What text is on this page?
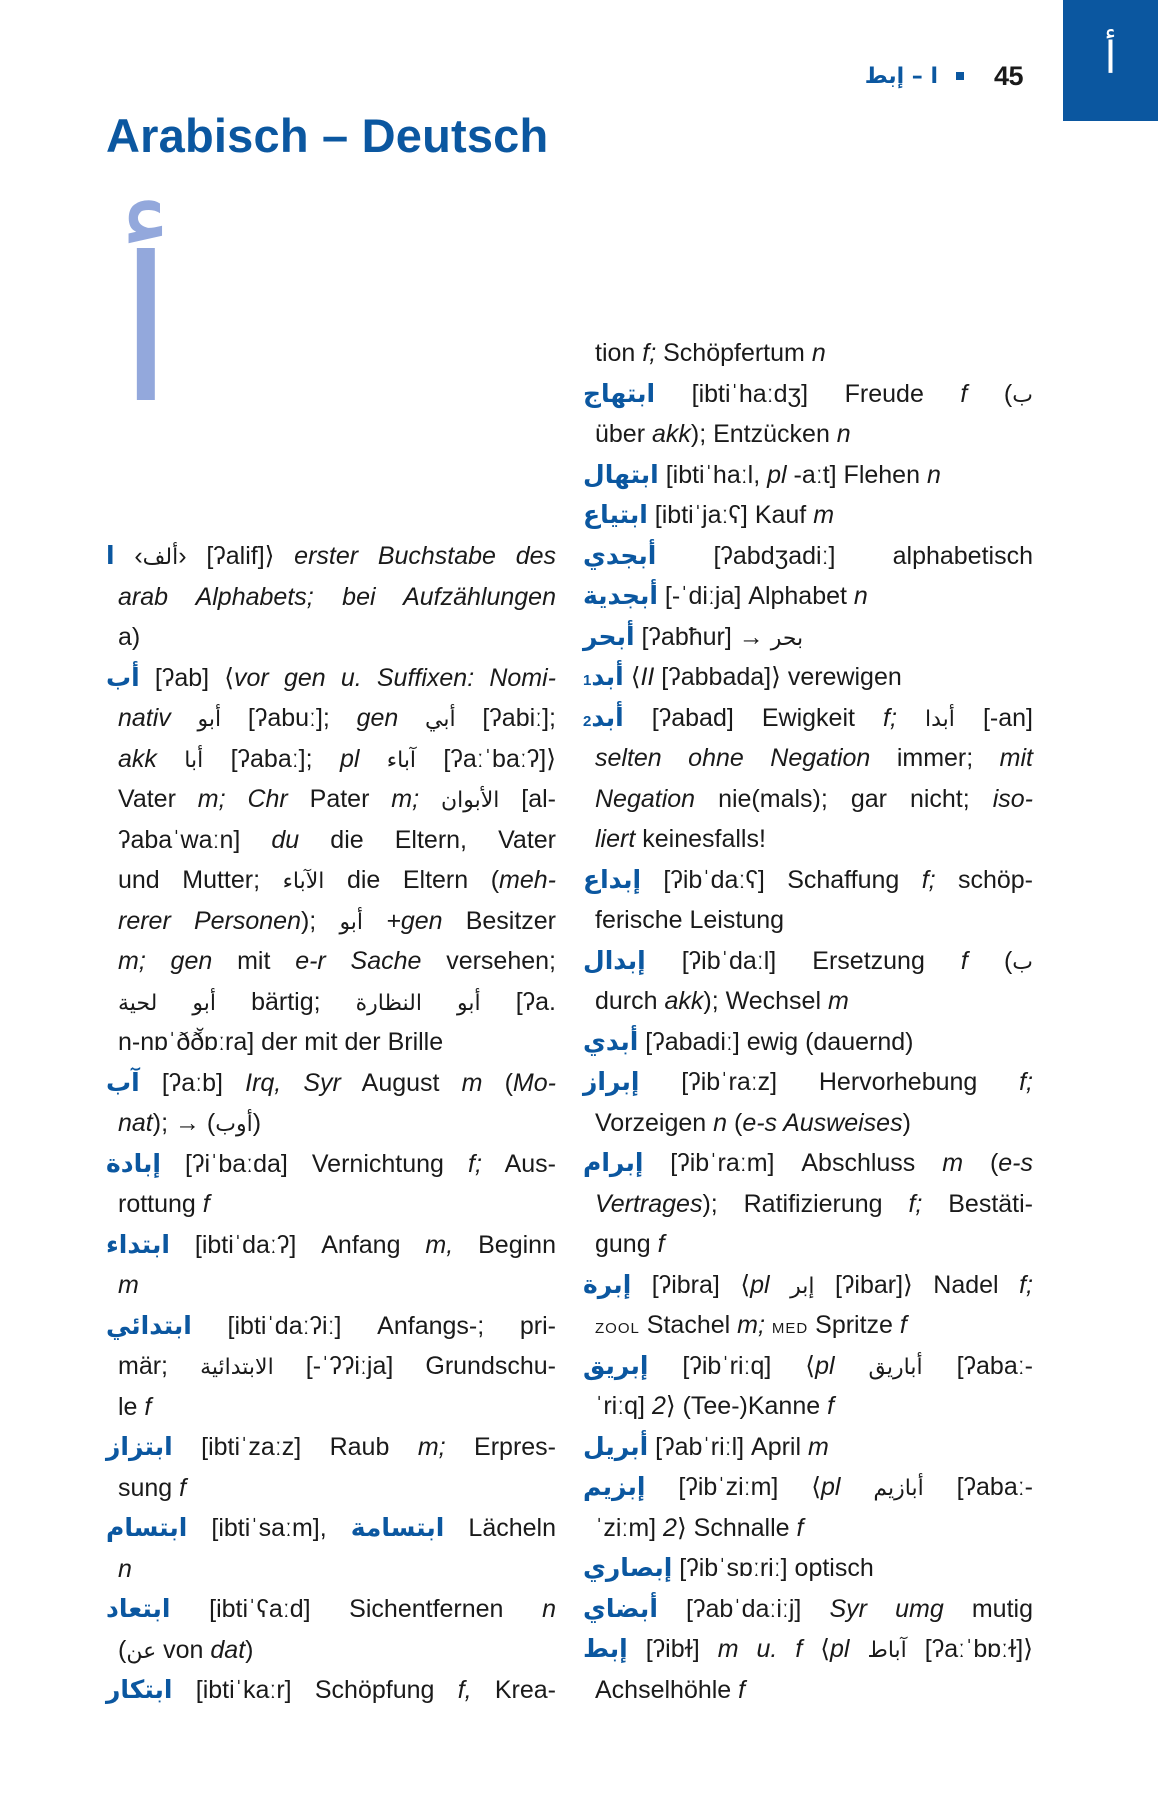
أ
ا – إبط 45
Arabisch – Deutsch
أ
ا ‹ألف› [ʔalif]⟩ erster Buchstabe des
arab Alphabets; bei Aufzählungen
a)
أب [ʔab] ⟨vor gen u. Suffixen: Nomi-
nativ أبو [ʔabuː]; gen أبي [ʔabiː];
akk أبا [ʔabaː]; pl آباء [ʔaːˈbaːʔ]⟩
Vater m; Chr Pater m; الأبوان [al-
ʔabaˈwaːn] du die Eltern, Vater
und Mutter; الآباء die Eltern (meh-
rerer Personen); أبو +gen Besitzer
m; gen mit e-r Sache versehen;
أبو لحية bärtig; أبو النظارة [ʔa.
n-nɒˈðð̆ɒːra] der mit der Brille
آب [ʔaːb] Irq, Syr August m (Mo-
nat); → (أوب)
إبادة [ʔiˈbaːda] Vernichtung f; Aus-
rottung f
ابتداء [ibtiˈdaːʔ] Anfang m, Beginn
m
ابتدائي [ibtiˈdaːʔiː] Anfangs-; pri-
mär; الابتدائية [-ˈʔʔiːja] Grundschu-
le f
ابتزاز [ibtiˈzaːz] Raub m; Erpres-
sung f
ابتسام [ibtiˈsaːm], ابتسامة Lächeln
n
ابتعاد [ibtiˈʕaːd] Sichentfernen n
(عن von dat)
ابتكار [ibtiˈkaːr] Schöpfung f, Krea-
tion f; Schöpfertum n
ابتهاج [ibtiˈhaːdʒ] Freude f (ب
über akk); Entzücken n
ابتهال [ibtiˈhaːl, pl -aːt] Flehen n
ابتياع [ibtiˈjaːʕ] Kauf m
أبجدي [ʔabdʒadiː] alphabetisch
أبجدية [-ˈdiːja] Alphabet n
أبحر [ʔabħur] → بحر
1أبد ⟨II [ʔabbada]⟩ verewigen
2أبد [ʔabad] Ewigkeit f; أبدا [-an]
selten ohne Negation immer; mit
Negation nie(mals); gar nicht; iso-
liert keinesfalls!
إبداع [ʔibˈdaːʕ] Schaffung f; schöp-
ferische Leistung
إبدال [ʔibˈdaːl] Ersetzung f (ب
durch akk); Wechsel m
أبدي [ʔabadiː] ewig (dauernd)
إبراز [ʔibˈraːz] Hervorhebung f;
Vorzeigen n (e-s Ausweises)
إبرام [ʔibˈraːm] Abschluss m (e-s
Vertrages); Ratifizierung f; Bestäti-
gung f
إبرة [ʔibra] ⟨pl إبر [ʔibar]⟩ Nadel f;
zool Stachel m; med Spritze f
إبريق [ʔibˈriːq] ⟨pl أباريق [ʔabaː-
ˈriːq] 2⟩ (Tee-)Kanne f
أبريل [ʔabˈriːl] April m
إبزيم [ʔibˈziːm] ⟨pl أبازيم [ʔabaː-
ˈziːm] 2⟩ Schnalle f
إبصاري [ʔibˈsɒːriː] optisch
أبضاي [ʔabˈdaːiːj] Syr umg mutig
إبط [ʔibɫ] m u. f ⟨pl آباط [ʔaːˈbɒːɫ]⟩
Achselhöhle f
